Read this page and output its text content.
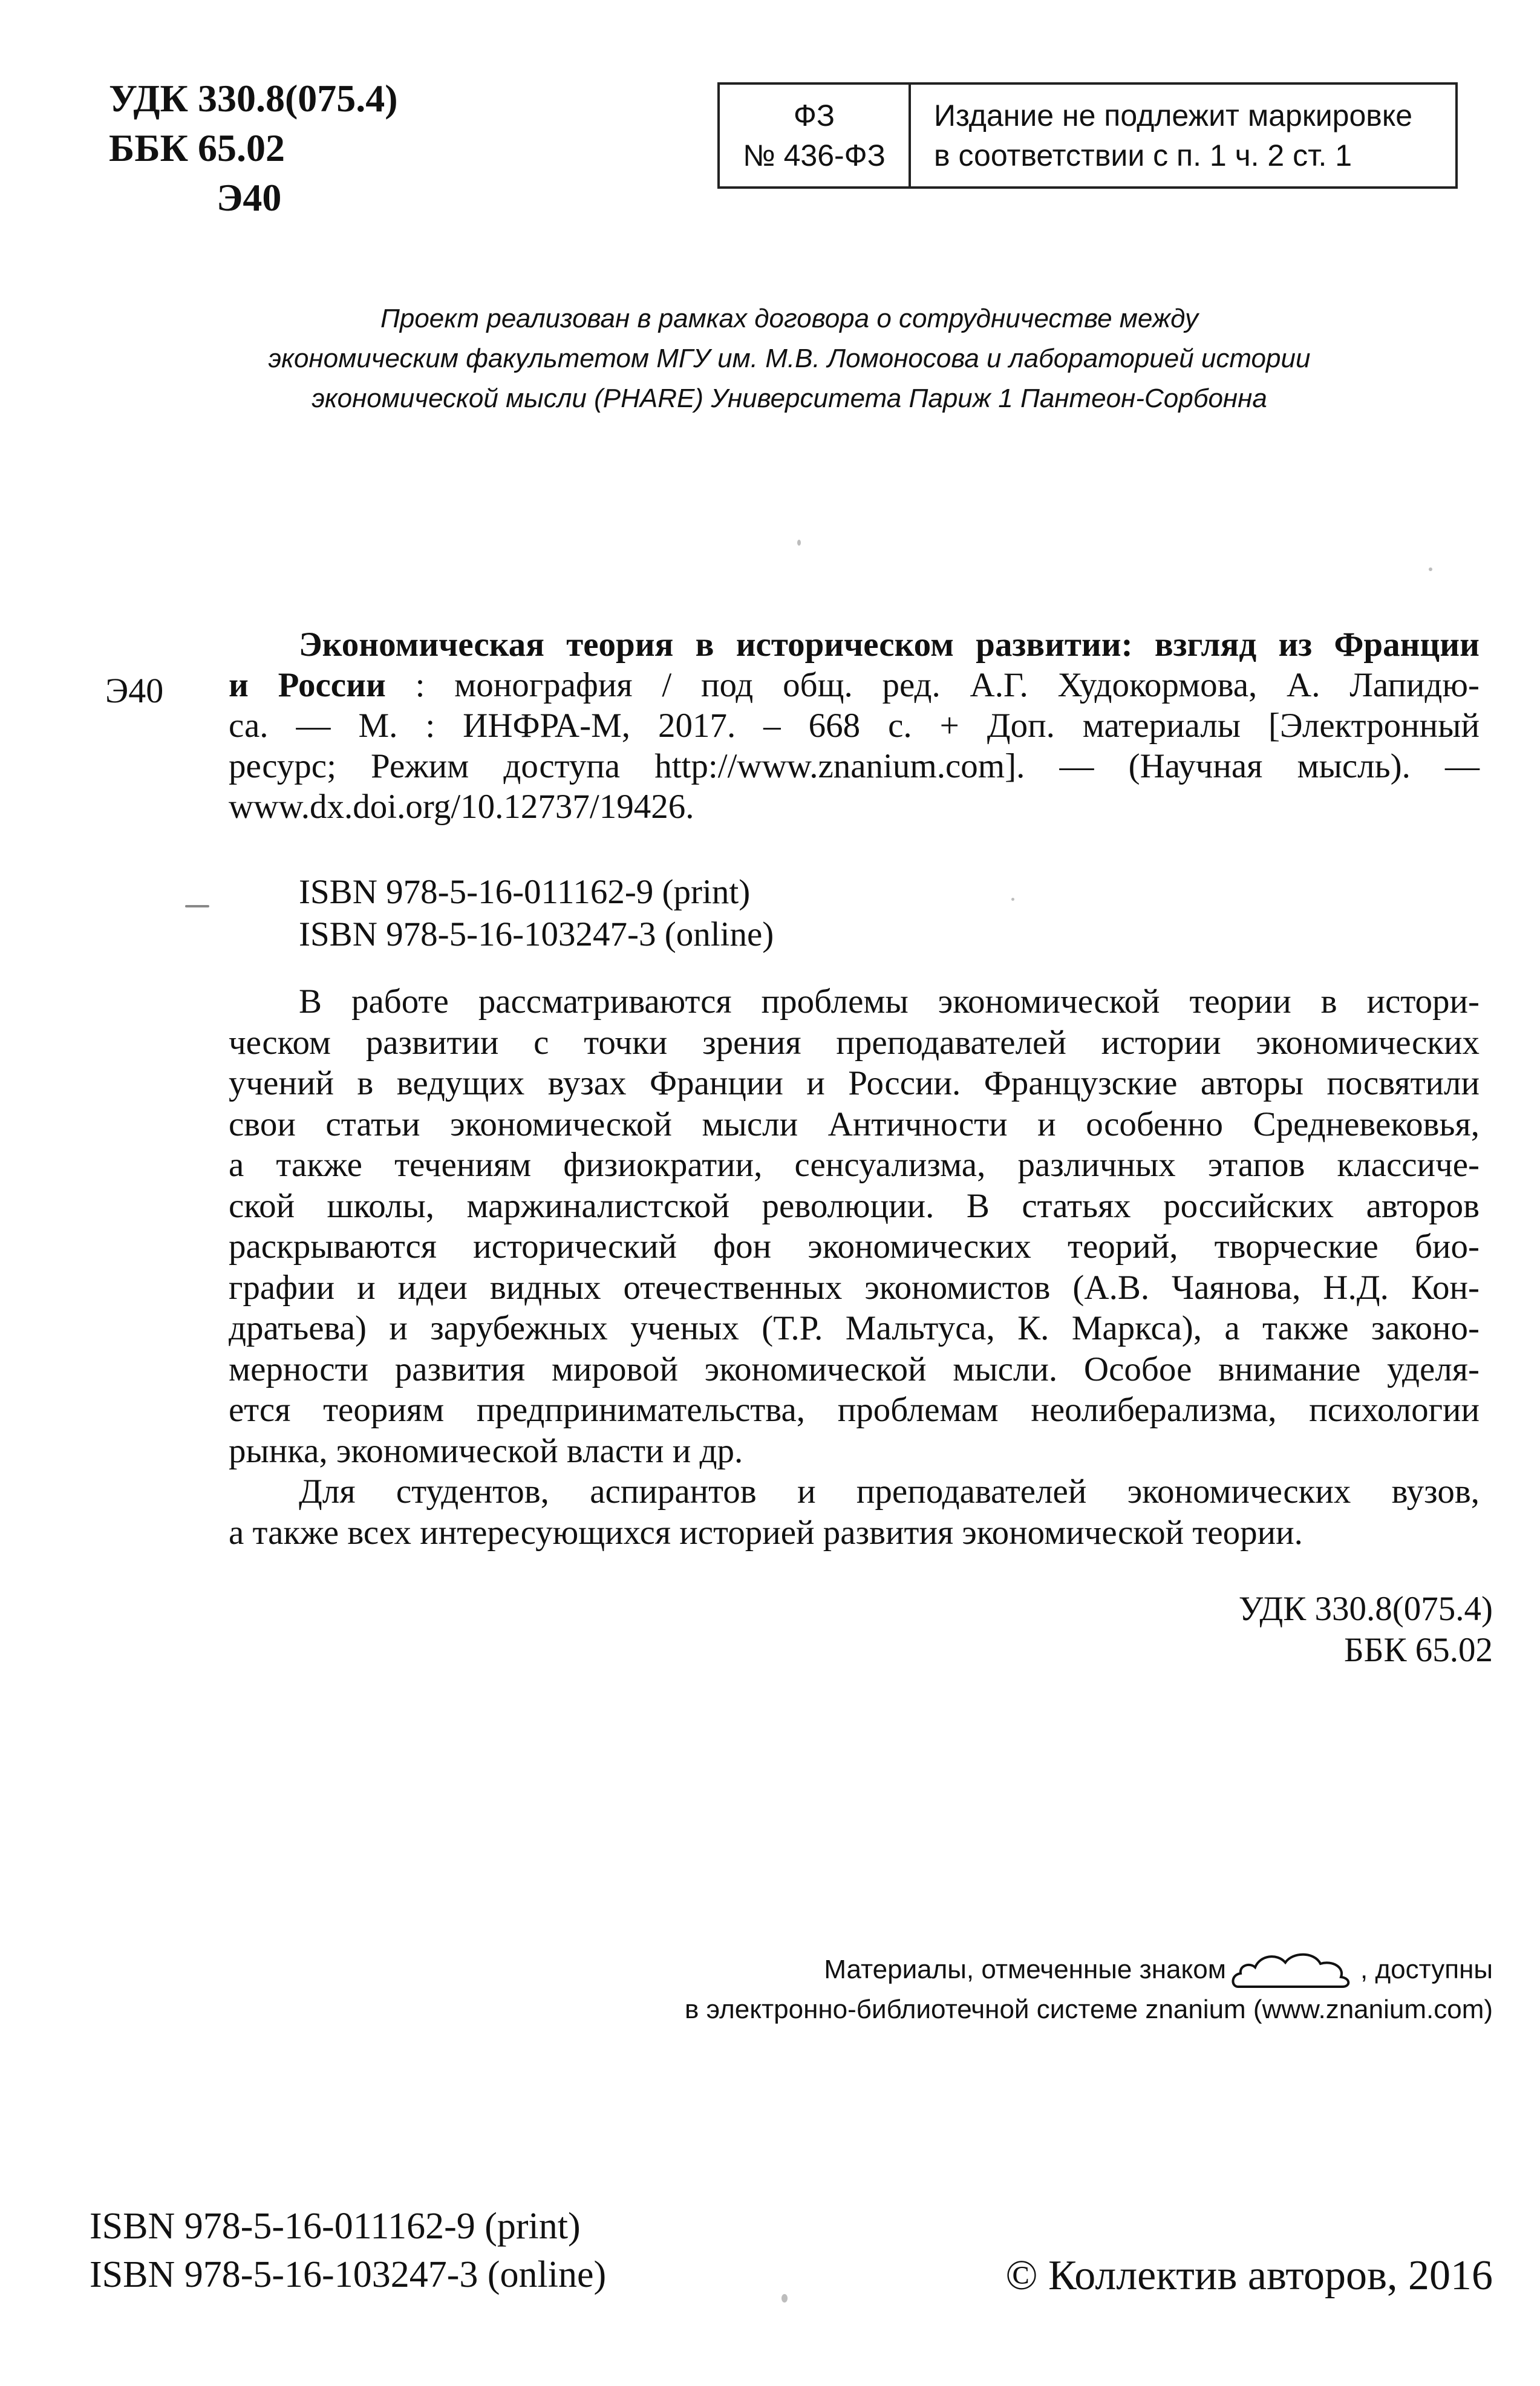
УДК 330.8(075.4)
ББК 65.02
Э40
ФЗ
№ 436-ФЗ
Издание не подлежит маркировке
в соответствии с п. 1 ч. 2 ст. 1
Проект реализован в рамках договора о сотрудничестве между
экономическим факультетом МГУ им. М.В. Ломоносова и лабораторией истории
экономической мысли (PHARE) Университета Париж 1 Пантеон-Сорбонна
Э40
Экономическая теория в историческом развитии: взгляд из Франции
и России : монография / под общ. ред. А.Г. Худокормова, А. Лапидю-
са. — М. : ИНФРА-М, 2017. – 668 с. + Доп. материалы [Электронный
ресурс; Режим доступа http://www.znanium.com]. — (Научная мысль). —
www.dx.doi.org/10.12737/19426.
ISBN 978-5-16-011162-9 (print)
ISBN 978-5-16-103247-3 (online)
В работе рассматриваются проблемы экономической теории в истори-
ческом развитии с точки зрения преподавателей истории экономических
учений в ведущих вузах Франции и России. Французские авторы посвятили
свои статьи экономической мысли Античности и особенно Средневековья,
а также течениям физиократии, сенсуализма, различных этапов классиче-
ской школы, маржиналистской революции. В статьях российских авторов
раскрываются исторический фон экономических теорий, творческие био-
графии и идеи видных отечественных экономистов (А.В. Чаянова, Н.Д. Кон-
дратьева) и зарубежных ученых (Т.Р. Мальтуса, К. Маркса), а также законо-
мерности развития мировой экономической мысли. Особое внимание уделя-
ется теориям предпринимательства, проблемам неолиберализма, психологии
рынка, экономической власти и др.
Для студентов, аспирантов и преподавателей экономических вузов,
а также всех интересующихся историей развития экономической теории.
УДК 330.8(075.4)
ББК 65.02
Материалы, отмеченные знаком	, доступны
в электронно-библиотечной системе znanium (www.znanium.com)
ISBN 978-5-16-011162-9 (print)
ISBN 978-5-16-103247-3 (online)	© Коллектив авторов, 2016
